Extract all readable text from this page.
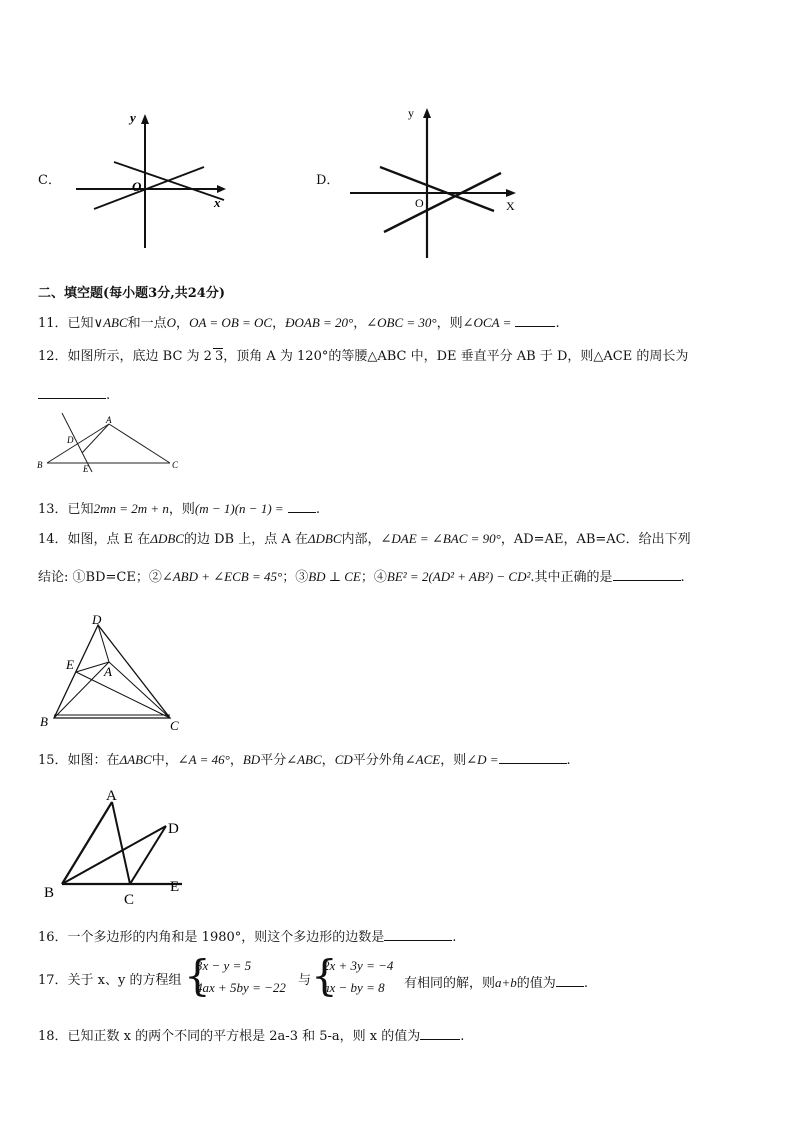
C．
y
x
O	D．
y
X
O
二、填空题(每小题3分,共24分)
11．已知∨ABC和一点O，OA = OB = OC，ÐOAB = 20°，∠OBC = 30°，则∠OCA =	.
12．如图所示，底边 BC 为 2 3，顶角 A 为 120°的等腰△ABC 中，DE 垂直平分 AB 于 D，则△ACE 的周长为
.
A
B	C
D
E
13．已知2mn = 2m + n，则(m − 1)(n − 1) = .
14．如图，点 E 在ΔDBC的边 DB 上，点 A 在ΔDBC内部，∠DAE = ∠BAC = 90°，AD=AE，AB=AC．给出下列
结论: ①BD=CE；②∠ABD + ∠ECB = 45°；③BD ⊥ CE；④BE² = 2(AD² + AB²) − CD².其中正确的是	.
D
E A
B	C
15．如图：在ΔABC中，∠A = 46°，BD平分∠ABC，CD平分外角∠ACE，则∠D =	.
A
B	C
D
E
16．一个多边形的内角和是 1980°，则这个多边形的边数是	.
17．关于 x、y 的方程组 {
3x − y = 5
4ax + 5by = −22 与 {
2x + 3y = −4
ax − by = 8 有相同的解，则a+b的值为 .
18．已知正数 x 的两个不同的平方根是 2a-3 和 5-a，则 x 的值为	.
